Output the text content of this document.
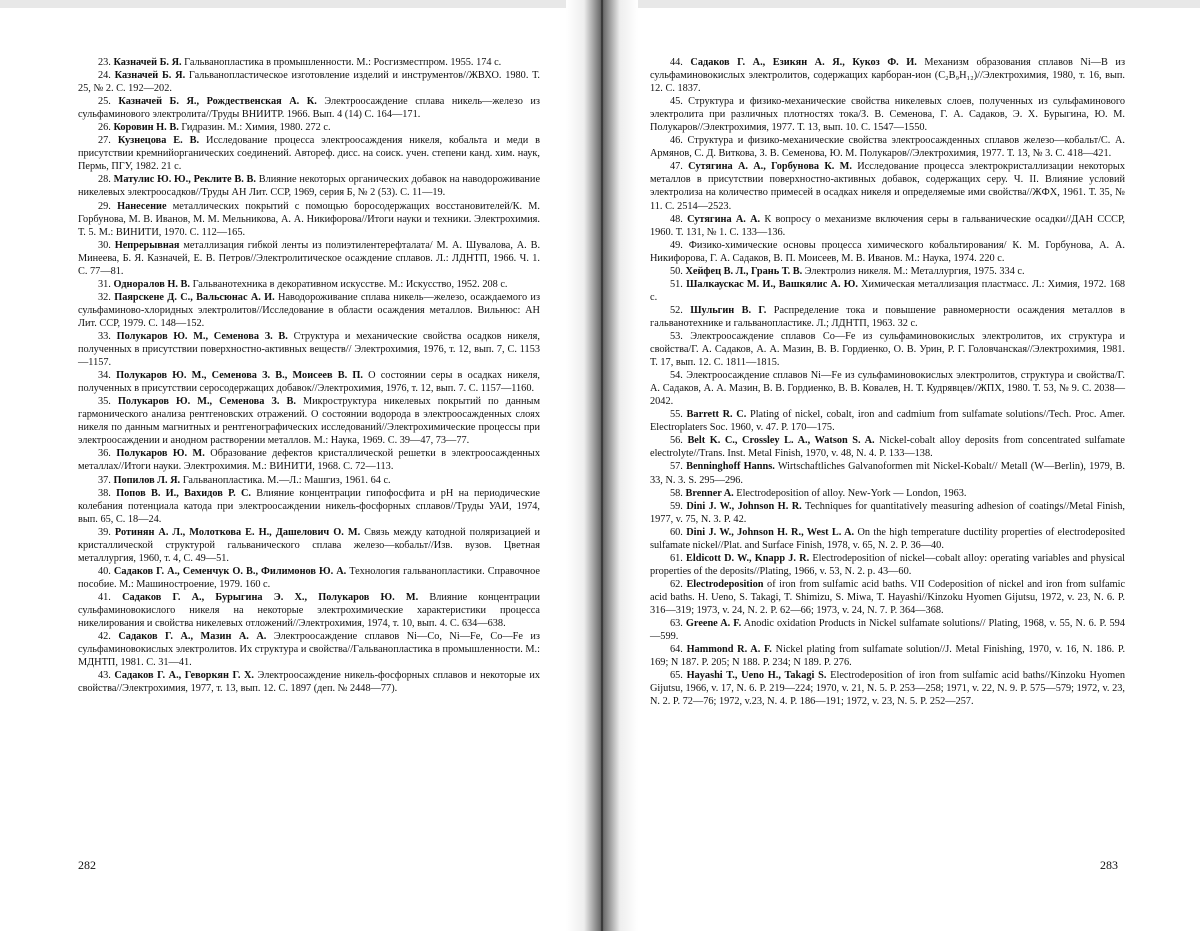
23. Казначей Б. Я. Гальванопластика в промышленности. М.: Росгизместпром. 1955. 174 с.
24. Казначей Б. Я. Гальванопластическое изготовление изделий и инструментов//ЖВХО. 1980. Т. 25, № 2. С. 192—202.
25. Казначей Б. Я., Рождественская А. К. Электроосаждение сплава никель—железо из сульфаминового электролита//Труды ВНИИТР. 1966. Вып. 4 (14) С. 164—171.
26. Коровин Н. В. Гидразин. М.: Химия, 1980. 272 с.
27. Кузнецова Е. В. Исследование процесса электроосаждения никеля, кобальта и меди в присутствии кремнийорганических соединений. Автореф. дисс. на соиск. учен. степени канд. хим. наук, Пермь, ПГУ, 1982. 21 с.
28. Матулис Ю. Ю., Реклите В. В. Влияние некоторых органических добавок на наводороживание никелевых электроосадков//Труды АН Лит. ССР, 1969, серия Б, № 2 (53). С. 11—19.
29. Нанесение металлических покрытий с помощью боросодержащих восстановителей/К. М. Горбунова, М. В. Иванов, М. М. Мельникова, А. А. Никифорова//Итоги науки и техники. Электрохимия. Т. 5. М.: ВИНИТИ, 1970. С. 112—165.
30. Непрерывная металлизация гибкой ленты из полиэтилентерефталата/ М. А. Шувалова, А. В. Минеева, Б. Я. Казначей, Е. В. Петров//Электролитическое осаждение сплавов. Л.: ЛДНТП, 1966. Ч. 1. С. 77—81.
31. Одноралов Н. В. Гальванотехника в декоративном искусстве. М.: Искусство, 1952. 208 с.
32. Паярскене Д. С., Вальсюнас А. И. Наводороживание сплава никель—железо, осаждаемого из сульфаминово-хлоридных электролитов//Исследование в области осаждения металлов. Вильнюс: АН Лит. ССР, 1979. С. 148—152.
33. Полукаров Ю. М., Семенова З. В. Структура и механические свойства осадков никеля, полученных в присутствии поверхностно-активных веществ// Электрохимия, 1976, т. 12, вып. 7, С. 1153—1157.
34. Полукаров Ю. М., Семенова З. В., Моисеев В. П. О состоянии серы в осадках никеля, полученных в присутствии серосодержащих добавок//Электрохимия, 1976, т. 12, вып. 7. С. 1157—1160.
35. Полукаров Ю. М., Семенова З. В. Микроструктура никелевых покрытий по данным гармонического анализа рентгеновских отражений. О состоянии водорода в электроосажденных слоях никеля по данным магнитных и рентгенографических исследований//Электрохимические процессы при электроосаждении и анодном растворении металлов. М.: Наука, 1969. С. 39—47, 73—77.
36. Полукаров Ю. М. Образование дефектов кристаллической решетки в электроосажденных металлах//Итоги науки. Электрохимия. М.: ВИНИТИ, 1968. С. 72—113.
37. Попилов Л. Я. Гальванопластика. М.—Л.: Машгиз, 1961. 64 с.
38. Попов В. И., Вахидов Р. С. Влияние концентрации гипофосфита и pH на периодические колебания потенциала катода при электроосаждении никель-фосфорных сплавов//Труды УАИ, 1974, вып. 65, С. 18—24.
39. Ротинян А. Л., Молоткова Е. Н., Дашелович О. М. Связь между катодной поляризацией и кристаллической структурой гальванического сплава железо—кобальт//Изв. вузов. Цветная металлургия, 1960, т. 4, С. 49—51.
40. Садаков Г. А., Семенчук О. В., Филимонов Ю. А. Технология гальванопластики. Справочное пособие. М.: Машиностроение, 1979. 160 с.
41. Садаков Г. А., Бурыгина Э. Х., Полукаров Ю. М. Влияние концентрации сульфаминовокислого никеля на некоторые электрохимические характеристики процесса никелирования и свойства никелевых отложений//Электрохимия, 1974, т. 10, вып. 4. С. 634—638.
42. Садаков Г. А., Мазин А. А. Электроосаждение сплавов Ni—Co, Ni—Fe, Co—Fe из сульфаминовокислых электролитов. Их структура и свойства//Гальванопластика в промышленности. М.: МДНТП, 1981. С. 31—41.
43. Садаков Г. А., Геворкян Г. Х. Электроосаждение никель-фосфорных сплавов и некоторые их свойства//Электрохимия, 1977, т. 13, вып. 12. С. 1897 (деп. № 2448—77).
282
44. Садаков Г. А., Езикян А. Я., Кукоз Ф. И. Механизм образования сплавов Ni—B из сульфаминовокислых электролитов, содержащих карборан-ион (C₂B₉H₁₂)//Электрохимия, 1980, т. 16, вып. 12. С. 1837.
45. Структура и физико-механические свойства никелевых слоев, полученных из сульфаминового электролита при различных плотностях тока/З. В. Семенова, Г. А. Садаков, Э. Х. Бурыгина, Ю. М. Полукаров//Электрохимия, 1977. Т. 13, вып. 10. С. 1547—1550.
46. Структура и физико-механические свойства электроосажденных сплавов железо—кобальт/С. А. Армянов, С. Д. Виткова, З. В. Семенова, Ю. М. Полукаров//Электрохимия, 1977. Т. 13, № 3. С. 418—421.
47. Сутягина А. А., Горбунова К. М. Исследование процесса электрокристаллизации некоторых металлов в присутствии поверхностно-активных добавок, содержащих серу. Ч. II. Влияние условий электролиза на количество примесей в осадках никеля и определяемые ими свойства//ЖФХ, 1961. Т. 35, № 11. С. 2514—2523.
48. Сутягина А. А. К вопросу о механизме включения серы в гальванические осадки//ДАН СССР, 1960. Т. 131, № 1. С. 133—136.
49. Физико-химические основы процесса химического кобальтирования/ К. М. Горбунова, А. А. Никифорова, Г. А. Садаков, В. П. Моисеев, М. В. Иванов. М.: Наука, 1974. 220 с.
50. Хейфец В. Л., Грань Т. В. Электролиз никеля. М.: Металлургия, 1975. 334 с.
51. Шалкаускас М. И., Вашкялис А. Ю. Химическая металлизация пластмасс. Л.: Химия, 1972. 168 с.
52. Шульгин В. Г. Распределение тока и повышение равномерности осаждения металлов в гальванотехнике и гальванопластике. Л.; ЛДНТП, 1963. 32 с.
53. Электроосаждение сплавов Co—Fe из сульфаминовокислых электролитов, их структура и свойства/Г. А. Садаков, А. А. Мазин, В. В. Гордиенко, О. В. Урин, Р. Г. Головчанская//Электрохимия, 1981. Т. 17, вып. 12. С. 1811—1815.
54. Электроосаждение сплавов Ni—Fe из сульфаминовокислых электролитов, структура и свойства/Г. А. Садаков, А. А. Мазин, В. В. Гордиенко, В. В. Ковалев, Н. Т. Кудрявцев//ЖПХ, 1980. Т. 53, № 9. С. 2038—2042.
55. Barrett R. C. Plating of nickel, cobalt, iron and cadmium from sulfamate solutions//Tech. Proc. Amer. Electroplaters Soc. 1960, v. 47. P. 170—175.
56. Belt K. C., Crossley L. A., Watson S. A. Nickel-cobalt alloy deposits from concentrated sulfamate electrolyte//Trans. Inst. Metal Finish, 1970, v. 48, N. 4. P. 133—138.
57. Benninghoff Hanns. Wirtschaftliches Galvanoformen mit Nickel-Kobalt// Metall (W—Berlin), 1979, B. 33, N. 3. S. 295—296.
58. Brenner A. Electrodeposition of alloy. New-York — London, 1963.
59. Dini J. W., Johnson H. R. Techniques for quantitatively measuring adhesion of coatings//Metal Finish, 1977, v. 75, N. 3. P. 42.
60. Dini J. W., Johnson H. R., West L. A. On the high temperature ductility properties of electrodeposited sulfamate nickel//Plat. and Surface Finish, 1978, v. 65, N. 2. P. 36—40.
61. Eldicott D. W., Knapp J. R. Electrodeposition of nickel—cobalt alloy: operating variables and physical properties of the deposits//Plating, 1966, v. 53, N. 2. p. 43—60.
62. Electrodeposition of iron from sulfamic acid baths. VII Codeposition of nickel and iron from sulfamic acid baths. H. Ueno, S. Takagi, T. Shimizu, S. Miwa, T. Hayashi//Kinzoku Hyomen Gijutsu, 1972, v. 23, N. 6. P. 316—319; 1973, v. 24, N. 2. P. 62—66; 1973, v. 24, N. 7. P. 364—368.
63. Greene A. F. Anodic oxidation Products in Nickel sulfamate solutions// Plating, 1968, v. 55, N. 6. P. 594—599.
64. Hammond R. A. F. Nickel plating from sulfamate solution//J. Metal Finishing, 1970, v. 16, N. 186. P. 169; N 187. P. 205; N 188. P. 234; N 189. P. 276.
65. Hayashi T., Ueno H., Takagi S. Electrodeposition of iron from sulfamic acid baths//Kinzoku Hyomen Gijutsu, 1966, v. 17, N. 6. P. 219—224; 1970, v. 21, N. 5. P. 253—258; 1971, v. 22, N. 9. P. 575—579; 1972, v. 23, N. 2. P. 72—76; 1972, v.23, N. 4. P. 186—191; 1972, v. 23, N. 5. P. 252—257.
283
